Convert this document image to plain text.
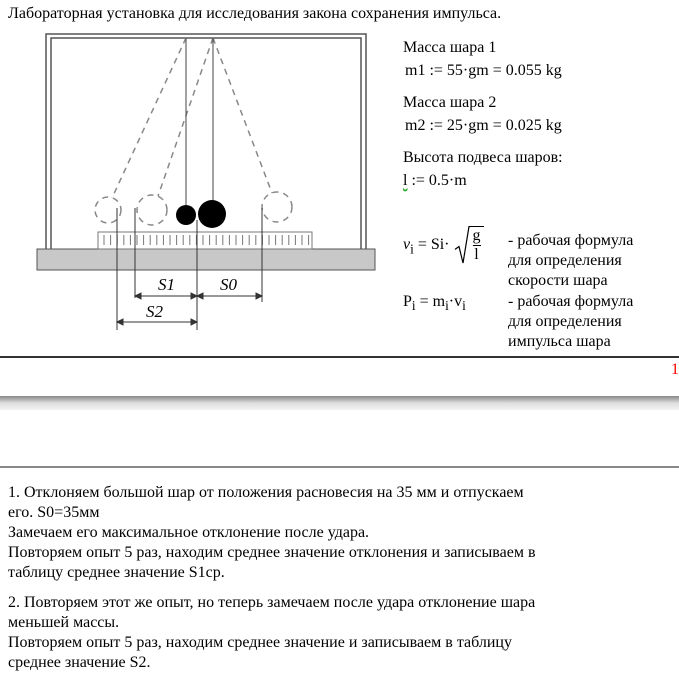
Лабораторная установка для исследования закона сохранения импульса.
S1	S0
S2
Масса шара 1
m1 := 55·gm = 0.055 kg
Масса шара 2
m2 := 25·gm = 0.025 kg
Высота подвеса шаров:
l := 0.5·m
$\nu_i = Si\cdot \frac{g}{l}$ - рабочая формула
для определения
скорости шара
$P_i = m_i\cdot v_i$	- рабочая формула
для определения
импульса шара
1
1. Отклоняем большой шар от положения расновесия на 35 мм и отпускаем
его. S0=35мм
Замечаем его максимальное отклонение после удара.
Повторяем опыт 5 раз, находим среднее значение отклонения и записываем в
таблицу среднее значение S1ср.
2. Повторяем этот же опыт, но теперь замечаем после удара отклонение шара
меньшей массы.
Повторяем опыт 5 раз, находим среднее значение и записываем в таблицу
среднее значение S2.
